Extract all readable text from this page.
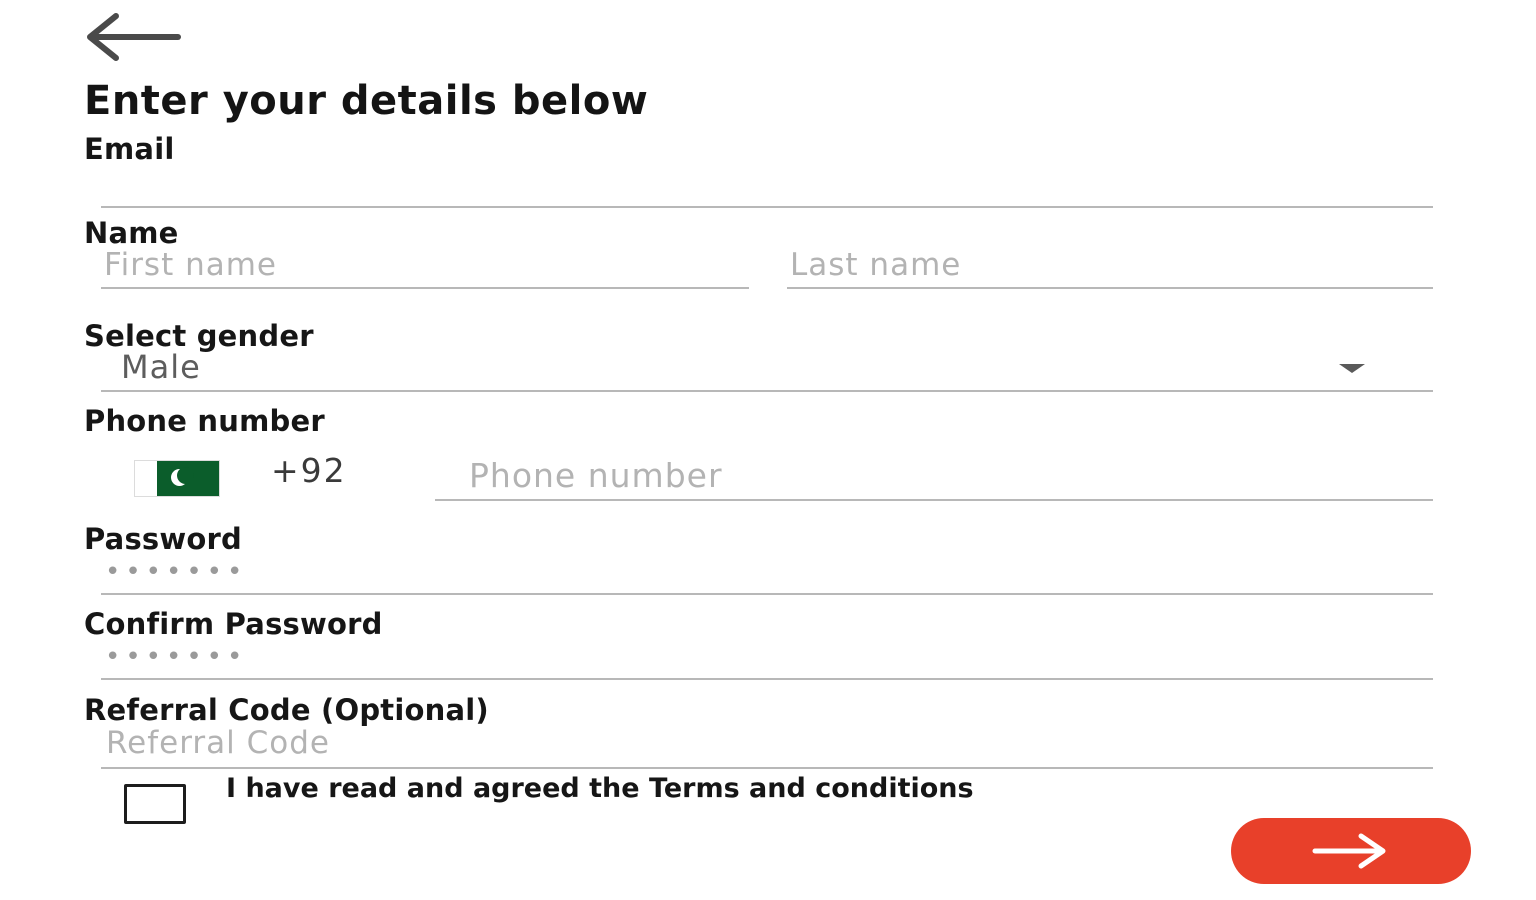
Enter your details below
Email
Name
First name	Last name
Select gender
Male
Phone number
+92	Phone number
Password
•••••••
Confirm Password
•••••••
Referral Code (Optional)
Referral Code
I have read and agreed the Terms and conditions
